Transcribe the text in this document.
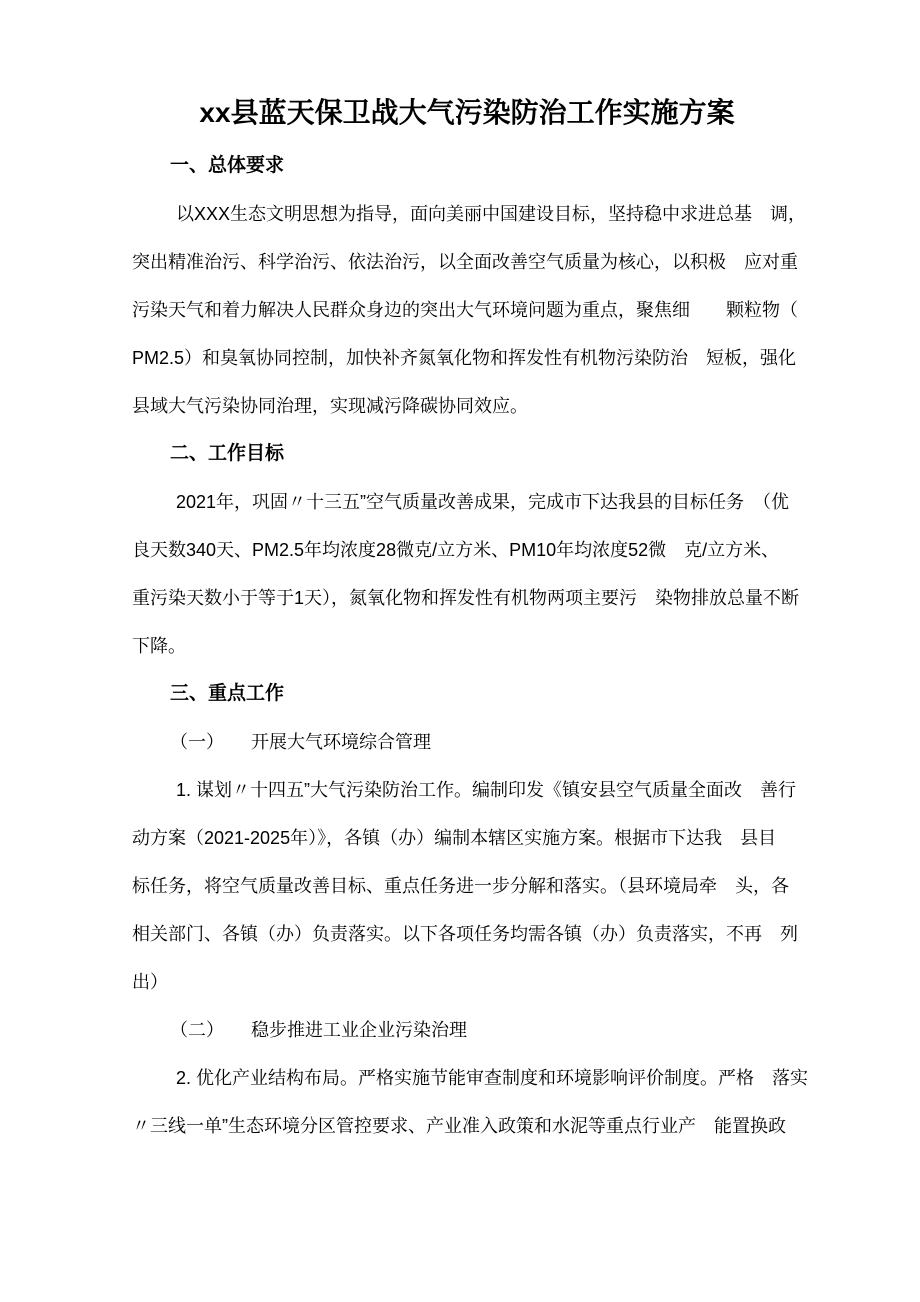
xx县蓝天保卫战大气污染防治工作实施方案
一、总体要求
以XXX生态文明思想为指导，面向美丽中国建设目标，坚持稳中求进总基　调，
突出精准治污、科学治污、依法治污，以全面改善空气质量为核心，以积极　应对重
污染天气和着力解决人民群众身边的突出大气环境问题为重点，聚焦细　　颗粒物（
PM2.5）和臭氧协同控制，加快补齐氮氧化物和挥发性有机物污染防治　短板，强化
县域大气污染协同治理，实现减污降碳协同效应。
二、工作目标
2021年，巩固〃十三五”空气质量改善成果，完成市下达我县的目标任务　（优
良天数340天、PM2.5年均浓度28微克/立方米、PM10年均浓度52微　克/立方米、
重污染天数小于等于1天），氮氧化物和挥发性有机物两项主要污　染物排放总量不断
下降。
三、重点工作
（一）　　开展大气环境综合管理
1. 谋划〃十四五”大气污染防治工作。编制印发《镇安县空气质量全面改　善行
动方案（2021-2025年）》，各镇（办）编制本辖区实施方案。根据市下达我　县目
标任务，将空气质量改善目标、重点任务进一步分解和落实。（县环境局牵　头，各
相关部门、各镇（办）负责落实。以下各项任务均需各镇（办）负责落实，不再　列
出）
（二）　　稳步推进工业企业污染治理
2. 优化产业结构布局。严格实施节能审查制度和环境影响评价制度。严格　落实
〃三线一单”生态环境分区管控要求、产业准入政策和水泥等重点行业产　能置换政
